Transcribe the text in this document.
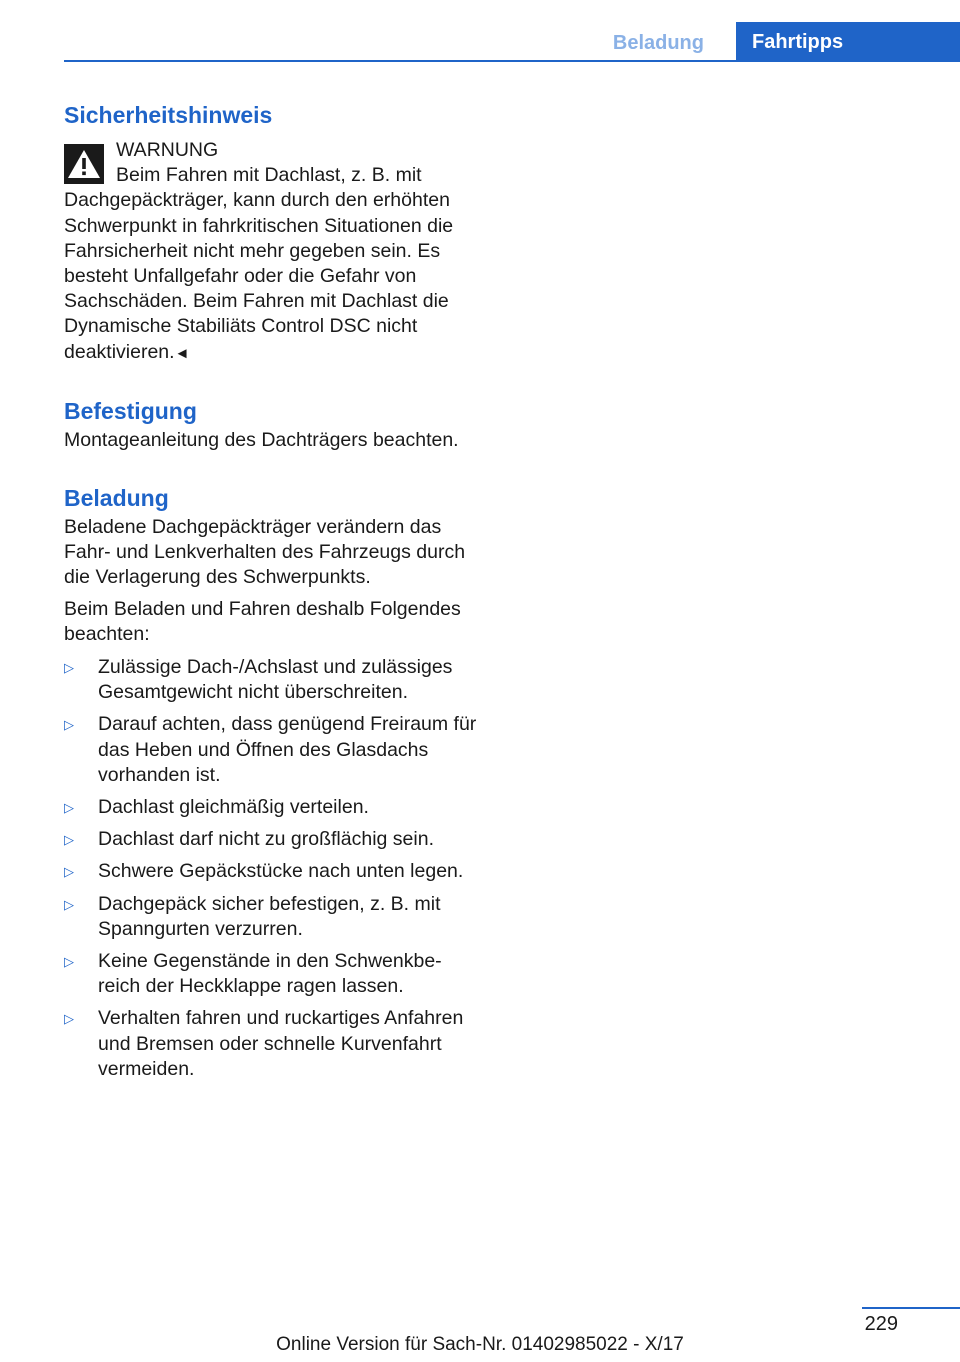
Beladung	Fahrtipps
Sicherheitshinweis
WARNUNG

Beim Fahren mit Dachlast, z. B. mit Dachgepäckträger, kann durch den erhöhten Schwerpunkt in fahrkritischen Situationen die Fahrsicherheit nicht mehr gegeben sein. Es besteht Unfallgefahr oder die Gefahr von Sachschäden. Beim Fahren mit Dachlast die Dynamische Stabiliäts Control DSC nicht deaktivieren.◄

Befestigung

Montageanleitung des Dachträgers beachten.

Beladung

Beladene Dachgepäckträger verändern das Fahr- und Lenkverhalten des Fahrzeugs durch die Verlagerung des Schwerpunkts.

Beim Beladen und Fahren deshalb Folgendes beachten:

▷	Zulässige Dach-/Achslast und zulässiges Gesamtgewicht nicht überschreiten.
▷	Darauf achten, dass genügend Freiraum für das Heben und Öffnen des Glasdachs vorhanden ist.
▷	Dachlast gleichmäßig verteilen.
▷	Dachlast darf nicht zu großflächig sein.
▷	Schwere Gepäckstücke nach unten legen.
▷	Dachgepäck sicher befestigen, z. B. mit Spanngurten verzurren.
▷	Keine Gegenstände in den Schwenkbe‐reich der Heckklappe ragen lassen.
▷	Verhalten fahren und ruckartiges Anfahren und Bremsen oder schnelle Kurvenfahrt vermeiden.
229
Online Version für Sach-Nr. 01402985022 - X/17
